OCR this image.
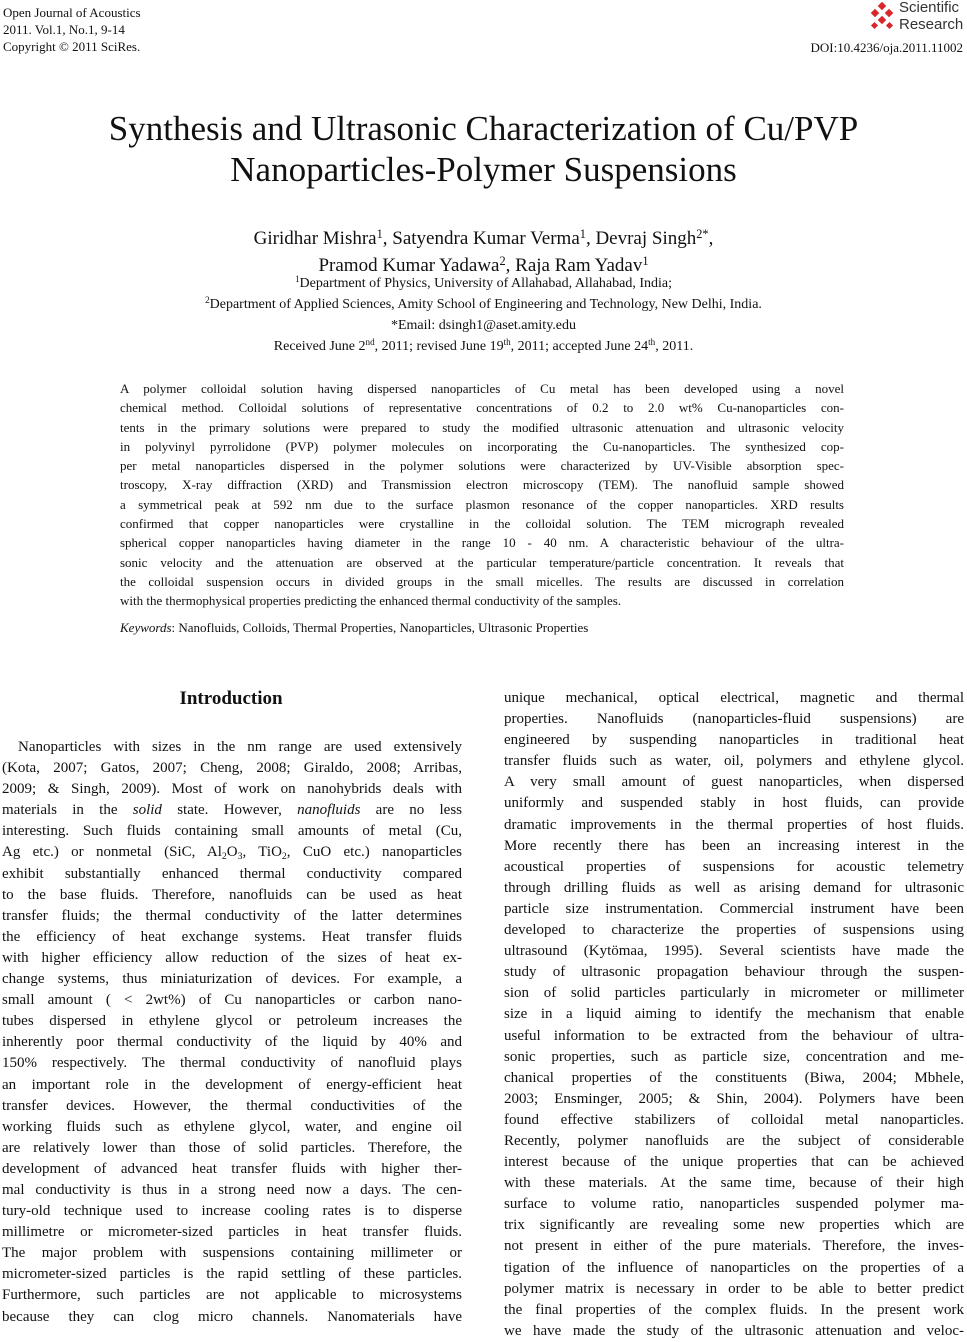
Open Journal of Acoustics
2011. Vol.1, No.1, 9-14
Copyright © 2011 SciRes.
Scientific
Research
DOI:10.4236/oja.2011.11002
Synthesis and Ultrasonic Characterization of Cu/PVP
Nanoparticles-Polymer Suspensions
Giridhar Mishra$^1$, Satyendra Kumar Verma$^1$, Devraj Singh$^{2*}$,
Pramod Kumar Yadawa$^2$, Raja Ram Yadav$^1$
$^1$Department of Physics, University of Allahabad, Allahabad, India;
$^2$Department of Applied Sciences, Amity School of Engineering and Technology, New Delhi, India.
*Email: dsingh1@aset.amity.edu
Received June 2nd, 2011; revised June 19th, 2011; accepted June 24th, 2011.
A polymer colloidal solution having dispersed nanoparticles of Cu metal has been developed using a novel
chemical method. Colloidal solutions of representative concentrations of 0.2 to 2.0 wt% Cu-nanoparticles con-
tents in the primary solutions were prepared to study the modified ultrasonic attenuation and ultrasonic velocity
in polyvinyl pyrrolidone (PVP) polymer molecules on incorporating the Cu-nanoparticles. The synthesized cop-
per metal nanoparticles dispersed in the polymer solutions were characterized by UV-Visible absorption spec-
troscopy, X-ray diffraction (XRD) and Transmission electron microscopy (TEM). The nanofluid sample showed
a symmetrical peak at 592 nm due to the surface plasmon resonance of the copper nanoparticles. XRD results
confirmed that copper nanoparticles were crystalline in the colloidal solution. The TEM micrograph revealed
spherical copper nanoparticles having diameter in the range 10 - 40 nm. A characteristic behaviour of the ultra-
sonic velocity and the attenuation are observed at the particular temperature/particle concentration. It reveals that
the colloidal suspension occurs in divided groups in the small micelles. The results are discussed in correlation
with the thermophysical properties predicting the enhanced thermal conductivity of the samples.
Keywords: Nanofluids, Colloids, Thermal Properties, Nanoparticles, Ultrasonic Properties
Introduction
Nanoparticles with sizes in the nm range are used extensively
(Kota, 2007; Gatos, 2007; Cheng, 2008; Giraldo, 2008; Arribas,
2009; & Singh, 2009). Most of work on nanohybrids deals with
materials in the solid state. However, nanofluids are no less
interesting. Such fluids containing small amounts of metal (Cu,
Ag etc.) or nonmetal (SiC, $Al_2O_3$, TiO$_2$, CuO etc.) nanoparticles
exhibit substantially enhanced thermal conductivity compared
to the base fluids. Therefore, nanofluids can be used as heat
transfer fluids; the thermal conductivity of the latter determines
the efficiency of heat exchange systems. Heat transfer fluids
with higher efficiency allow reduction of the sizes of heat ex-
change systems, thus miniaturization of devices. For example, a
small amount ( < 2wt%) of Cu nanoparticles or carbon nano-
tubes dispersed in ethylene glycol or petroleum increases the
inherently poor thermal conductivity of the liquid by 40% and
150% respectively. The thermal conductivity of nanofluid plays
an important role in the development of energy-efficient heat
transfer devices. However, the thermal conductivities of the
working fluids such as ethylene glycol, water, and engine oil
are relatively lower than those of solid particles. Therefore, the
development of advanced heat transfer fluids with higher ther-
mal conductivity is thus in a strong need now a days. The cen-
tury-old technique used to increase cooling rates is to disperse
millimetre or micrometer-sized particles in heat transfer fluids.
The major problem with suspensions containing millimeter or
micrometer-sized particles is the rapid settling of these particles.
Furthermore, such particles are not applicable to microsystems
because they can clog micro channels. Nanomaterials have
unique mechanical, optical electrical, magnetic and thermal
properties. Nanofluids (nanoparticles-fluid suspensions) are
engineered by suspending nanoparticles in traditional heat
transfer fluids such as water, oil, polymers and ethylene glycol.
A very small amount of guest nanoparticles, when dispersed
uniformly and suspended stably in host fluids, can provide
dramatic improvements in the thermal properties of host fluids.
More recently there has been an increasing interest in the
acoustical properties of suspensions for acoustic telemetry
through drilling fluids as well as arising demand for ultrasonic
particle size instrumentation. Commercial instrument have been
developed to characterize the properties of suspensions using
ultrasound (Kytömaa, 1995). Several scientists have made the
study of ultrasonic propagation behaviour through the suspen-
sion of solid particles particularly in micrometer or millimeter
size in a liquid aiming to identify the mechanism that enable
useful information to be extracted from the behaviour of ultra-
sonic properties, such as particle size, concentration and me-
chanical properties of the constituents (Biwa, 2004; Mbhele,
2003; Ensminger, 2005; & Shin, 2004). Polymers have been
found effective stabilizers of colloidal metal nanoparticles.
Recently, polymer nanofluids are the subject of considerable
interest because of the unique properties that can be achieved
with these materials. At the same time, because of their high
surface to volume ratio, nanoparticles suspended polymer ma-
trix significantly are revealing some new properties which are
not present in either of the pure materials. Therefore, the inves-
tigation of the influence of nanoparticles on the properties of a
polymer matrix is necessary in order to be able to better predict
the final properties of the complex fluids. In the present work
we have made the study of the ultrasonic attenuation and veloc-
